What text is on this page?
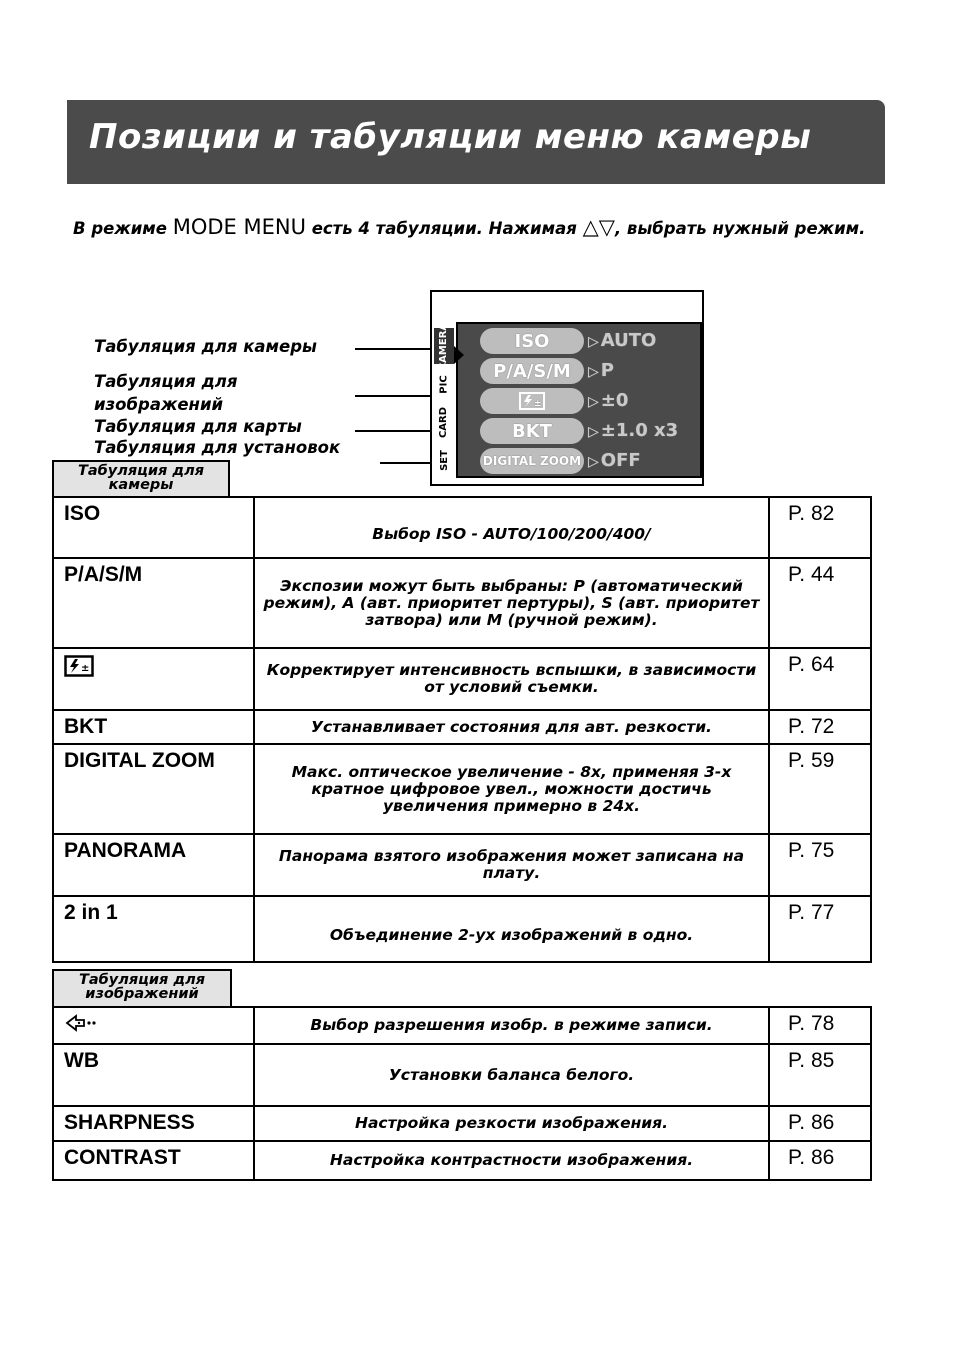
Позиции и табуляции меню камеры
В режиме MODE MENU есть 4 табуляции. Нажимая △▽, выбрать нужный режим.
Табуляция для камеры
Табуляция для
изображений
Табуляция для карты
Табуляция для установок
CAMERA
PIC
CARD
SET
ISO	▷ AUTO
P/A/S/M	▷ P
±	▷ ±0
BKT	▷ ±1.0 x3
DIGITAL ZOOM	▷ OFF
Табуляция для
камеры
ISO	Выбор ISO - AUTO/100/200/400/	P. 82
P/A/S/M	Экспозии можут быть выбраны: P (автоматический режим), A (авт. приоритет пертуры), S (авт. приоритет затвора) или M (ручной режим).	P. 44

±	Корректирует интенсивность вспышки, в зависимости от условий съемки.	P. 64
BKT	Устанавливает состояния для авт. резкости.	P. 72
DIGITAL ZOOM	Макс. оптическое увеличение - 8x, применяя 3-х кратное цифровое увел., можности достичь увеличения примерно в 24x.	P. 59
PANORAMA	Панорама взятого изображения может записана на плату.	P. 75
2 in 1	Объединение 2-ух изображений в одно.	P. 77
Табуляция для
изображений
	Выбор разрешения изобр. в режиме записи.	P. 78
WB	Установки баланса белого.	P. 85
SHARPNESS	Настройка резкости изображения.	P. 86
CONTRAST	Настройка контрастности изображения.	P. 86
